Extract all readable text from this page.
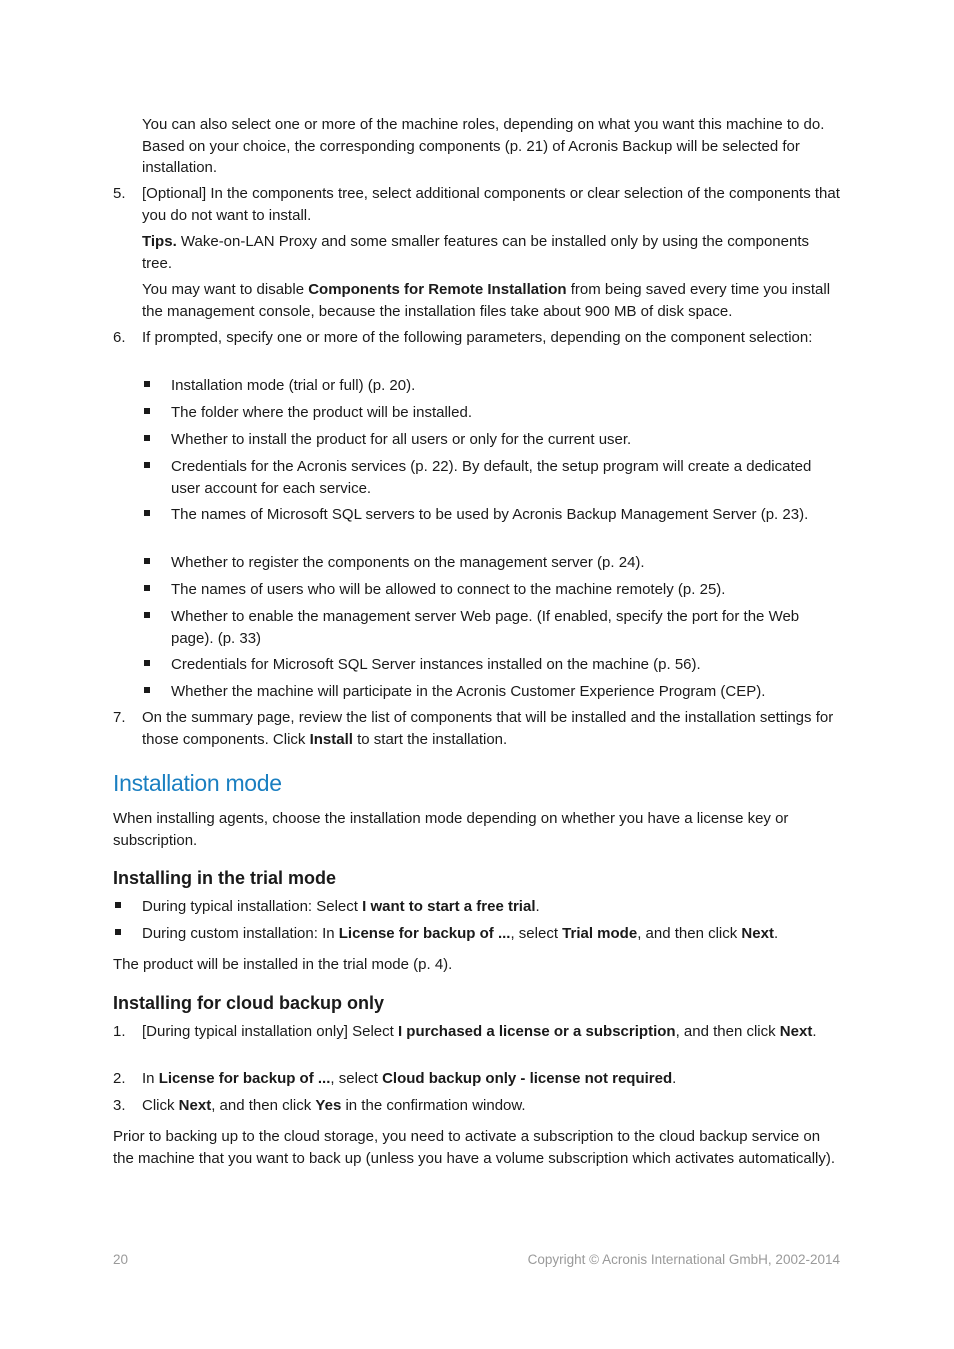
You can also select one or more of the machine roles, depending on what you want this machine to do. Based on your choice, the corresponding components (p. 21) of Acronis Backup will be selected for installation.

5. [Optional] In the components tree, select additional components or clear selection of the components that you do not want to install.

Tips. Wake-on-LAN Proxy and some smaller features can be installed only by using the components tree.

You may want to disable Components for Remote Installation from being saved every time you install the management console, because the installation files take about 900 MB of disk space.

6. If prompted, specify one or more of the following parameters, depending on the component selection:

Installation mode (trial or full) (p. 20).

The folder where the product will be installed.

Whether to install the product for all users or only for the current user.

Credentials for the Acronis services (p. 22). By default, the setup program will create a dedicated user account for each service.

The names of Microsoft SQL servers to be used by Acronis Backup Management Server (p. 23).

Whether to register the components on the management server (p. 24).

The names of users who will be allowed to connect to the machine remotely (p. 25).

Whether to enable the management server Web page. (If enabled, specify the port for the Web page). (p. 33)

Credentials for Microsoft SQL Server instances installed on the machine (p. 56).

Whether the machine will participate in the Acronis Customer Experience Program (CEP).

7. On the summary page, review the list of components that will be installed and the installation settings for those components. Click Install to start the installation.

Installation mode

When installing agents, choose the installation mode depending on whether you have a license key or subscription.

Installing in the trial mode

During typical installation: Select I want to start a free trial.

During custom installation: In License for backup of ..., select Trial mode, and then click Next.

The product will be installed in the trial mode (p. 4).

Installing for cloud backup only
1. [During typical installation only] Select I purchased a license or a subscription, and then click Next.

2. In License for backup of ..., select Cloud backup only - license not required.

3. Click Next, and then click Yes in the confirmation window.

Prior to backing up to the cloud storage, you need to activate a subscription to the cloud backup service on the machine that you want to back up (unless you have a volume subscription which activates automatically).

20	Copyright © Acronis International GmbH, 2002-2014
